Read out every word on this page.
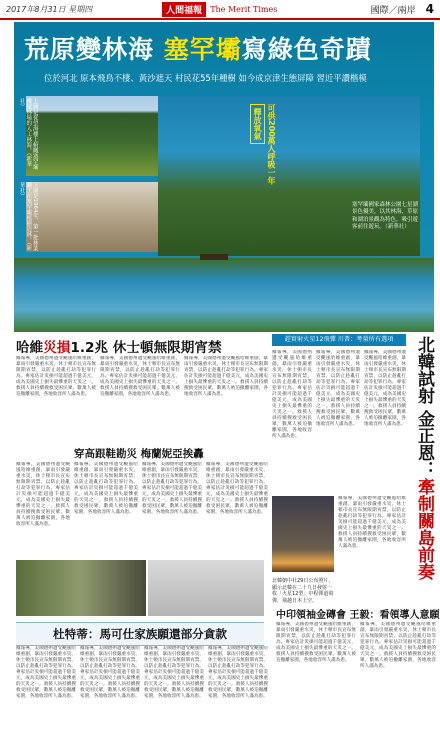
2017年8月31日 星期四	人間福報	The Merit Times	國際／兩岸 4
荒原變林海 塞罕壩寫綠色奇蹟
位於河北 原本飛鳥不棲、黃沙遮天 村民花55年種樹 如今成京津生態屏障 習近平讚楷模
上圖是從望海樓上俯瞰塞罕壩機械林場的人工林海。（新華社）
下圖是1964年，第一批林業職工在塞罕壩植樹造林。（新華社）
釋放氧氣 可供200萬人呼吸一年
塞罕壩國家森林公園七星湖景色優美，以其林海、草原和湖泊景觀為特色，吸引遊客前往遊玩。（新華社）
哈維災損1.2兆 休士頓無限期宵禁
據報導，美國德州遭受颶風哈維重創，暴雨引發嚴重水災，休士頓市長宣布無限期宵禁，以防止趁亂打劫等犯罪行為。專家估計災損可能超過千億美元，成為美國史上損失最慘重的天災之一。救援人員持續搜救受困民眾，數萬人被迫撤離家園，各地收容所人滿為患。
據報導，美國德州遭受颶風哈維重創，暴雨引發嚴重水災，休士頓市長宣布無限期宵禁，以防止趁亂打劫等犯罪行為。專家估計災損可能超過千億美元，成為美國史上損失最慘重的天災之一。救援人員持續搜救受困民眾，數萬人被迫撤離家園，各地收容所人滿為患。
據報導，美國德州遭受颶風哈維重創，暴雨引發嚴重水災，休士頓市長宣布無限期宵禁，以防止趁亂打劫等犯罪行為。專家估計災損可能超過千億美元，成為美國史上損失最慘重的天災之一。救援人員持續搜救受困民眾，數萬人被迫撤離家園，各地收容所人滿為患。
穿高跟鞋勘災 梅蘭妮亞挨轟
據報導，美國德州遭受颶風哈維重創，暴雨引發嚴重水災，休士頓市長宣布無限期宵禁，以防止趁亂打劫等犯罪行為。專家估計災損可能超過千億美元，成為美國史上損失最慘重的天災之一。救援人員持續搜救受困民眾，數萬人被迫撤離家園，各地收容所人滿為患。
據報導，美國德州遭受颶風哈維重創，暴雨引發嚴重水災，休士頓市長宣布無限期宵禁，以防止趁亂打劫等犯罪行為。專家估計災損可能超過千億美元，成為美國史上損失最慘重的天災之一。救援人員持續搜救受困民眾，數萬人被迫撤離家園，各地收容所人滿為患。
據報導，美國德州遭受颶風哈維重創，暴雨引發嚴重水災，休士頓市長宣布無限期宵禁，以防止趁亂打劫等犯罪行為。專家估計災損可能超過千億美元，成為美國史上損失最慘重的天災之一。救援人員持續搜救受困民眾，數萬人被迫撤離家園，各地收容所人滿為患。
據報導，美國德州遭受颶風哈維重創，暴雨引發嚴重水災，休士頓市長宣布無限期宵禁，以防止趁亂打劫等犯罪行為。專家估計災損可能超過千億美元，成為美國史上損失最慘重的天災之一。救援人員持續搜救受困民眾，數萬人被迫撤離家園，各地收容所人滿為患。
杜特蒂：馬可仕家族願還部分貪款
據報導，美國德州遭受颶風哈維重創，暴雨引發嚴重水災，休士頓市長宣布無限期宵禁，以防止趁亂打劫等犯罪行為。專家估計災損可能超過千億美元，成為美國史上損失最慘重的天災之一。救援人員持續搜救受困民眾，數萬人被迫撤離家園，各地收容所人滿為患。
據報導，美國德州遭受颶風哈維重創，暴雨引發嚴重水災，休士頓市長宣布無限期宵禁，以防止趁亂打劫等犯罪行為。專家估計災損可能超過千億美元，成為美國史上損失最慘重的天災之一。救援人員持續搜救受困民眾，數萬人被迫撤離家園，各地收容所人滿為患。
據報導，美國德州遭受颶風哈維重創，暴雨引發嚴重水災，休士頓市長宣布無限期宵禁，以防止趁亂打劫等犯罪行為。專家估計災損可能超過千億美元，成為美國史上損失最慘重的天災之一。救援人員持續搜救受困民眾，數萬人被迫撤離家園，各地收容所人滿為患。
據報導，美國德州遭受颶風哈維重創，暴雨引發嚴重水災，休士頓市長宣布無限期宵禁，以防止趁亂打劫等犯罪行為。專家估計災損可能超過千億美元，成為美國史上損失最慘重的天災之一。救援人員持續搜救受困民眾，數萬人被迫撤離家園，各地收容所人滿為患。
趕實射火星12飛彈 川普：考量所有選項	北韓試射 金正恩：牽制關島前奏
據報導，美國德州遭受颶風哈維重創，暴雨引發嚴重水災，休士頓市長宣布無限期宵禁，以防止趁亂打劫等犯罪行為。專家估計災損可能超過千億美元，成為美國史上損失最慘重的天災之一。救援人員持續搜救受困民眾，數萬人被迫撤離家園，各地收容所人滿為患。
據報導，美國德州遭受颶風哈維重創，暴雨引發嚴重水災，休士頓市長宣布無限期宵禁，以防止趁亂打劫等犯罪行為。專家估計災損可能超過千億美元，成為美國史上損失最慘重的天災之一。救援人員持續搜救受困民眾，數萬人被迫撤離家園，各地收容所人滿為患。
據報導，美國德州遭受颶風哈維重創，暴雨引發嚴重水災，休士頓市長宣布無限期宵禁，以防止趁亂打劫等犯罪行為。專家估計災損可能超過千億美元，成為美國史上損失最慘重的天災之一。救援人員持續搜救受困民眾，數萬人被迫撤離家園，各地收容所人滿為患。
據報導，美國德州遭受颶風哈維重創，暴雨引發嚴重水災，休士頓市長宣布無限期宵禁，以防止趁亂打劫等犯罪行為。專家估計災損可能超過千億美元，成為美國史上損失最慘重的天災之一。救援人員持續搜救受困民眾，數萬人被迫撤離家園，各地收容所人滿為患。
北韓朝中社29日公布照片，顯示北韓在二十九日發射一枚「火星12型」中程彈道飛彈，飛越日本上空。
中印領袖金磚會 王毅：看領導人意願
據報導，美國德州遭受颶風哈維重創，暴雨引發嚴重水災，休士頓市長宣布無限期宵禁，以防止趁亂打劫等犯罪行為。專家估計災損可能超過千億美元，成為美國史上損失最慘重的天災之一。救援人員持續搜救受困民眾，數萬人被迫撤離家園，各地收容所人滿為患。
據報導，美國德州遭受颶風哈維重創，暴雨引發嚴重水災，休士頓市長宣布無限期宵禁，以防止趁亂打劫等犯罪行為。專家估計災損可能超過千億美元，成為美國史上損失最慘重的天災之一。救援人員持續搜救受困民眾，數萬人被迫撤離家園，各地收容所人滿為患。
